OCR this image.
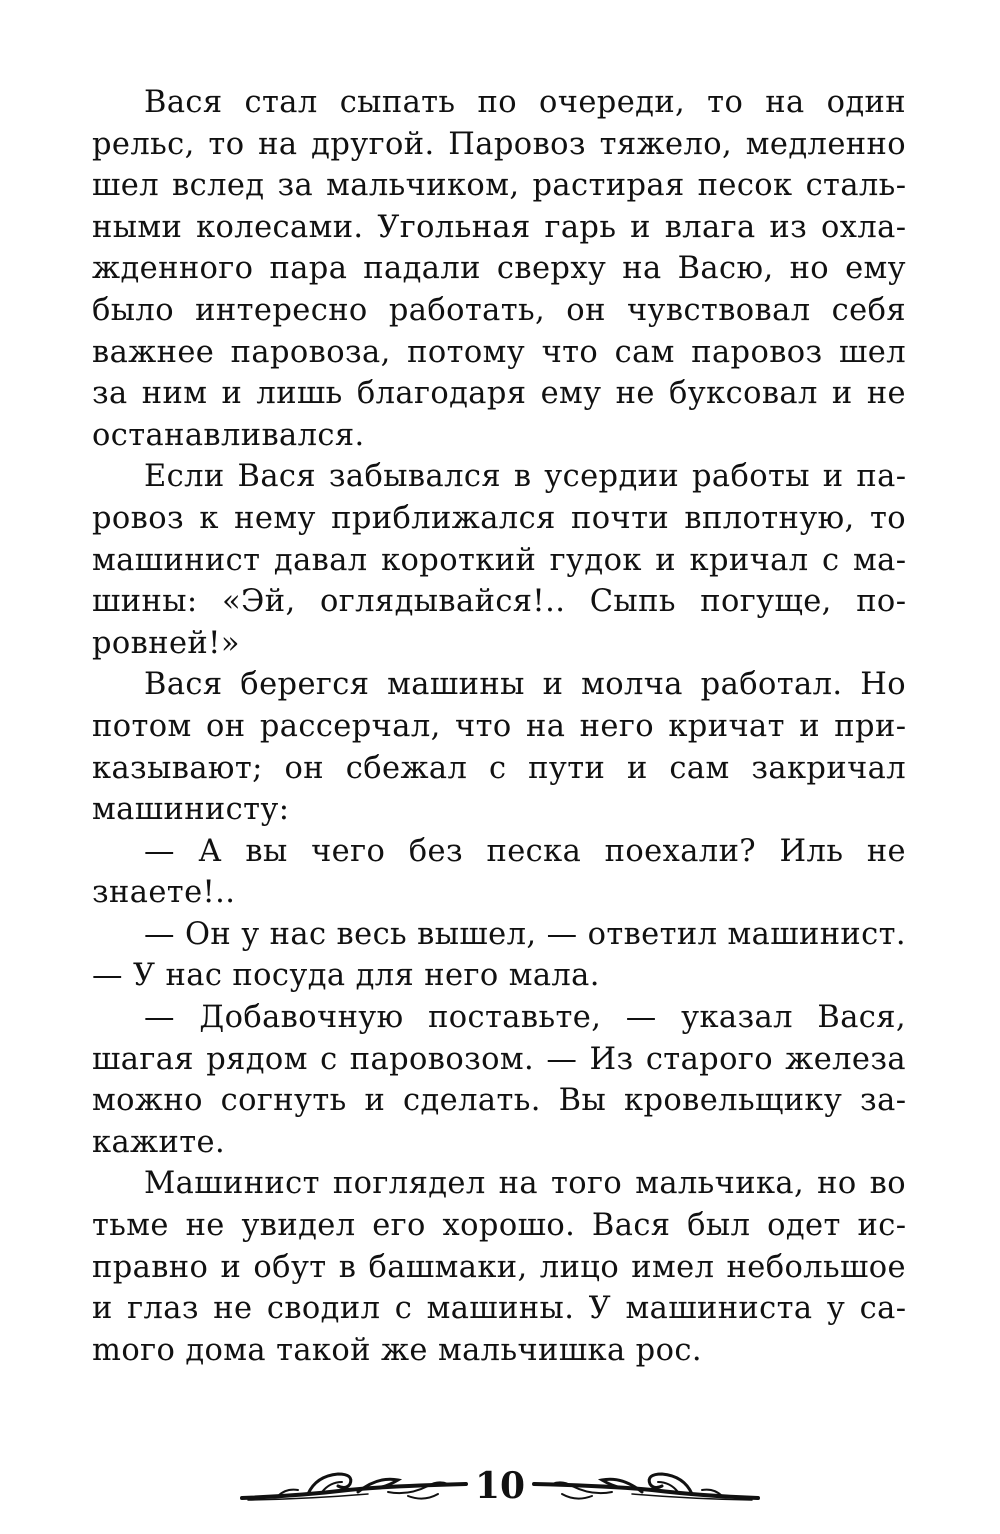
Вася стал сыпать по очереди, то на один рельс, то на другой. Паровоз тяжело, медленно шел вслед за мальчиком, растирая песок стальными колесами. Угольная гарь и влага из охлажденного пара падали сверху на Васю, но ему было интересно работать, он чувствовал себя важнее паровоза, потому что сам паровоз шел за ним и лишь благодаря ему не буксовал и не останавливался.

Если Вася забывался в усердии работы и паровоз к нему приближался почти вплотную, то машинист давал короткий гудок и кричал с машины: «Эй, оглядывайся!.. Сыпь погуще, поровней!»

Вася берегся машины и молча работал. Но потом он рассерчал, что на него кричат и приказывают; он сбежал с пути и сам закричал машинисту:

— А вы чего без песка поехали? Иль не знаете!..

— Он у нас весь вышел, — ответил машинист. — У нас посуда для него мала.

— Добавочную поставьте, — указал Вася, шагая рядом с паровозом. — Из старого железа можно согнуть и сделать. Вы кровельщику закажите.

Машинист поглядел на того мальчика, но во тьме не увидел его хорошо. Вася был одет исправно и обут в башмаки, лицо имел небольшое и глаз не сводил с машины. У машиниста у саmого дома такой же мальчишка рос.

10
